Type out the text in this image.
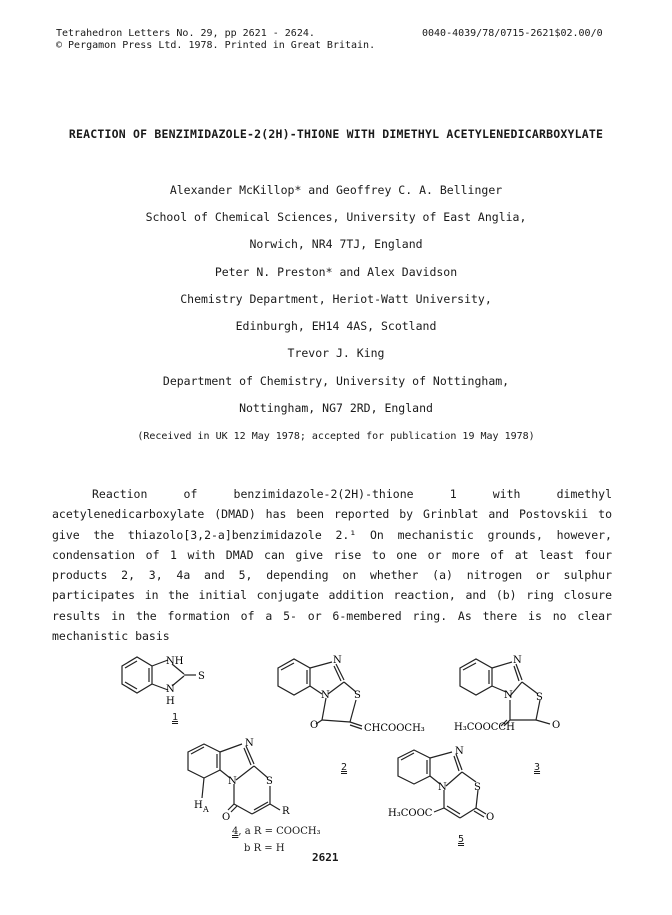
Tetrahedron Letters No. 29, pp 2621 - 2624.
© Pergamon Press Ltd. 1978. Printed in Great Britain.
0040-4039/78/0715-2621$02.00/0
REACTION OF BENZIMIDAZOLE-2(2H)-THIONE WITH DIMETHYL ACETYLENEDICARBOXYLATE
Alexander McKillop* and Geoffrey C. A. Bellinger
School of Chemical Sciences, University of East Anglia,
Norwich, NR4 7TJ, England
Peter N. Preston* and Alex Davidson
Chemistry Department, Heriot-Watt University,
Edinburgh, EH14 4AS, Scotland
Trevor J. King
Department of Chemistry, University of Nottingham,
Nottingham, NG7 2RD, England
(Received in UK 12 May 1978; accepted for publication 19 May 1978)

Reaction of benzimidazole-2(2H)-thione 1 with dimethyl acetylenedicarboxylate (DMAD) has been reported by Grinblat and Postovskii to give the thiazolo[3,2-a]benzimidazole 2.¹ On mechanistic grounds, however, condensation of 1 with DMAD can give rise to one or more of at least four products 2, 3, 4a and 5, depending on whether (a) nitrogen or sulphur participates in the initial conjugate addition reaction, and (b) ring closure results in the formation of a 5- or 6-membered ring. As there is no clear mechanistic basis

NH
N
H
S
1
N
N S
O	CHCOOCH₃
2
N
N S
O
H₃COOCCH
3
N
N	S
O
R
H A
4, a R = COOCH₃
b R = H
N
N	S
O
H₃COOC
5
2621
